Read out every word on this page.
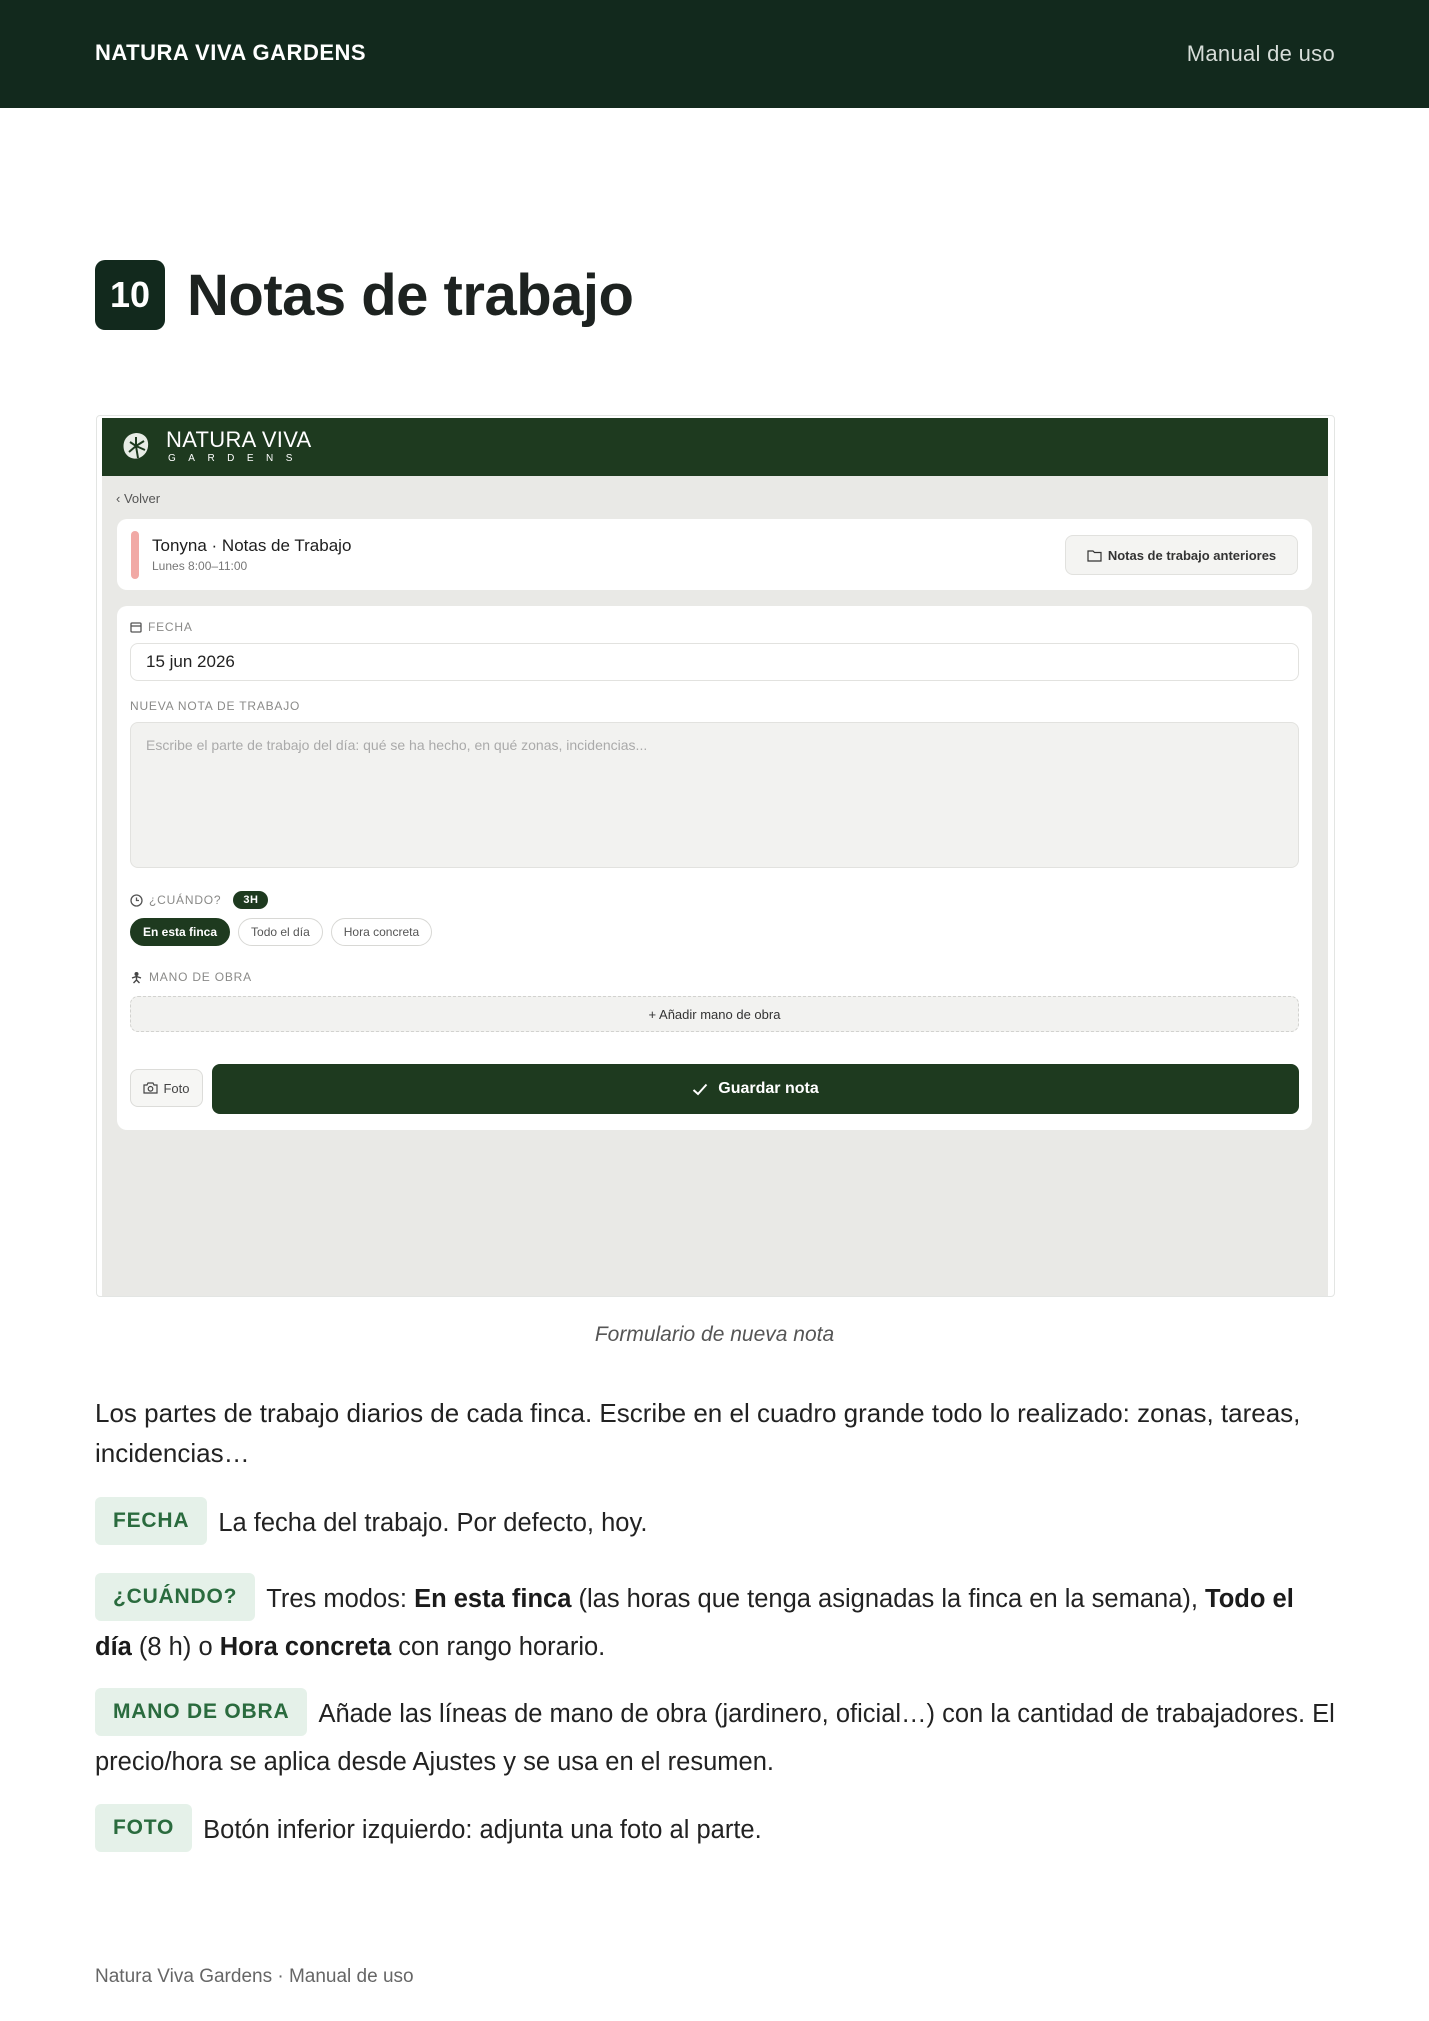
NATURA VIVA GARDENS	Manual de uso
10 Notas de trabajo
NATURA VIVA
GARDENS
‹ Volver
Tonyna · Notas de Trabajo
Lunes 8:00–11:00
Notas de trabajo anteriores
FECHA
15 jun 2026
NUEVA NOTA DE TRABAJO
Escribe el parte de trabajo del día: qué se ha hecho, en qué zonas, incidencias...
¿CUÁNDO?	3H
En esta finca	Todo el día	Hora concreta
MANO DE OBRA
+ Añadir mano de obra
Foto	Guardar nota
Formulario de nueva nota

Los partes de trabajo diarios de cada finca. Escribe en el cuadro grande todo lo realizado: zonas, tareas, incidencias…

FECHA La fecha del trabajo. Por defecto, hoy.
¿CUÁNDO? Tres modos: En esta finca (las horas que tenga asignadas la finca en la semana), Todo el día (8 h) o Hora concreta con rango horario.
MANO DE OBRA Añade las líneas de mano de obra (jardinero, oficial…) con la cantidad de trabajadores. El precio/hora se aplica desde Ajustes y se usa en el resumen.
FOTO Botón inferior izquierdo: adjunta una foto al parte.
Natura Viva Gardens · Manual de uso
